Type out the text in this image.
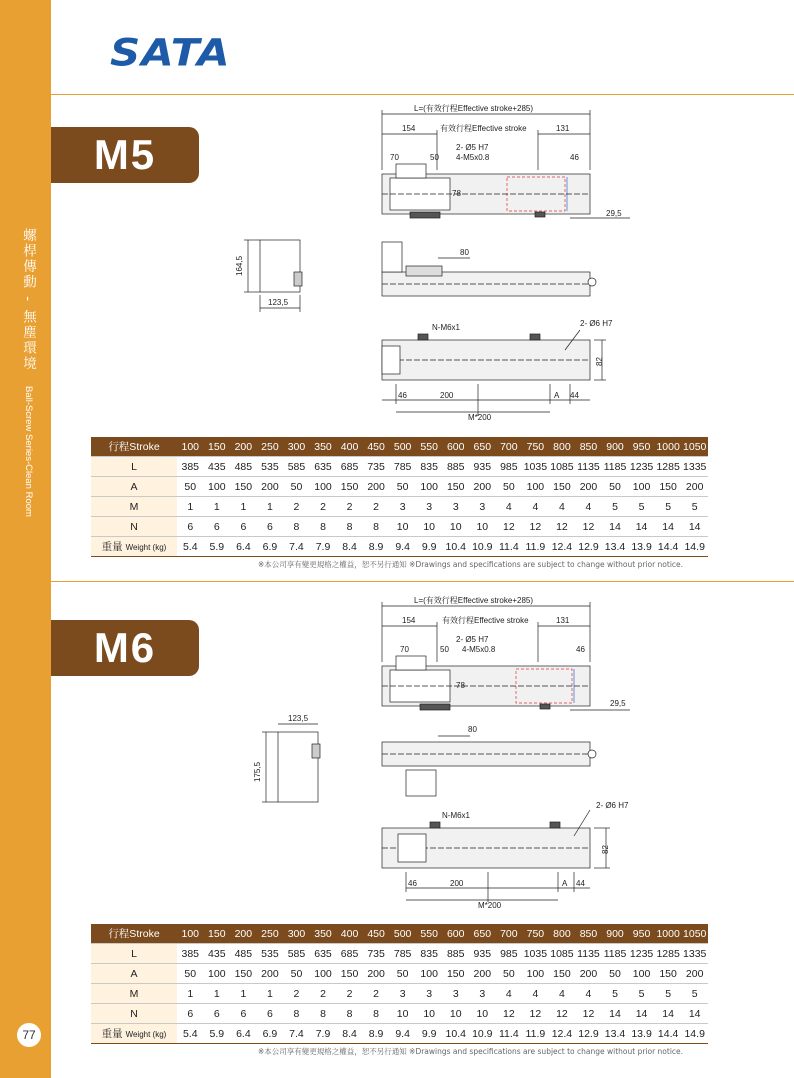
螺桿傳動 - 無塵環境 Ball-Screw Series-Clean Room
77
SATA
M5
L=(有效行程Effective stroke+285)
154	有效行程Effective stroke	131
2- Ø5 H7
70	50 4-M5x0.8	46
78
29,5
80
164,5
123,5
N-M6x1	2- Ø6 H7
82
46	200	A 44
M*200
行程Stroke	100	150	200	250	300	350	400	450	500	550	600	650	700	750	800	850	900	950	1000	1050
L	385	435	485	535	585	635	685	735	785	835	885	935	985	1035	1085	1135	1185	1235	1285	1335
A	50	100	150	200	50	100	150	200	50	100	150	200	50	100	150	200	50	100	150	200
M	1	1	1	1	2	2	2	2	3	3	3	3	4	4	4	4	5	5	5	5
N	6	6	6	6	8	8	8	8	10	10	10	10	12	12	12	12	14	14	14	14
重量 Weight (kg)	5.4	5.9	6.4	6.9	7.4	7.9	8.4	8.9	9.4	9.9	10.4	10.9	11.4	11.9	12.4	12.9	13.4	13.9	14.4	14.9
※本公司享有變更規格之權益，恕不另行通知 ※Drawings and specifications are subject to change without prior notice.
M6
L=(有效行程Effective stroke+285)
154	有效行程Effective stroke	131
2- Ø5 H7
70	50 4-M5x0.8	46
78
29,5
80
175,5
123,5
N-M6x1
2- Ø6 H7
82
46	200	A 44
M*200
行程Stroke	100	150	200	250	300	350	400	450	500	550	600	650	700	750	800	850	900	950	1000	1050
L	385	435	485	535	585	635	685	735	785	835	885	935	985	1035	1085	1135	1185	1235	1285	1335
A	50	100	150	200	50	100	150	200	50	100	150	200	50	100	150	200	50	100	150	200
M	1	1	1	1	2	2	2	2	3	3	3	3	4	4	4	4	5	5	5	5
N	6	6	6	6	8	8	8	8	10	10	10	10	12	12	12	12	14	14	14	14
重量 Weight (kg)	5.4	5.9	6.4	6.9	7.4	7.9	8.4	8.9	9.4	9.9	10.4	10.9	11.4	11.9	12.4	12.9	13.4	13.9	14.4	14.9
※本公司享有變更規格之權益，恕不另行通知 ※Drawings and specifications are subject to change without prior notice.
